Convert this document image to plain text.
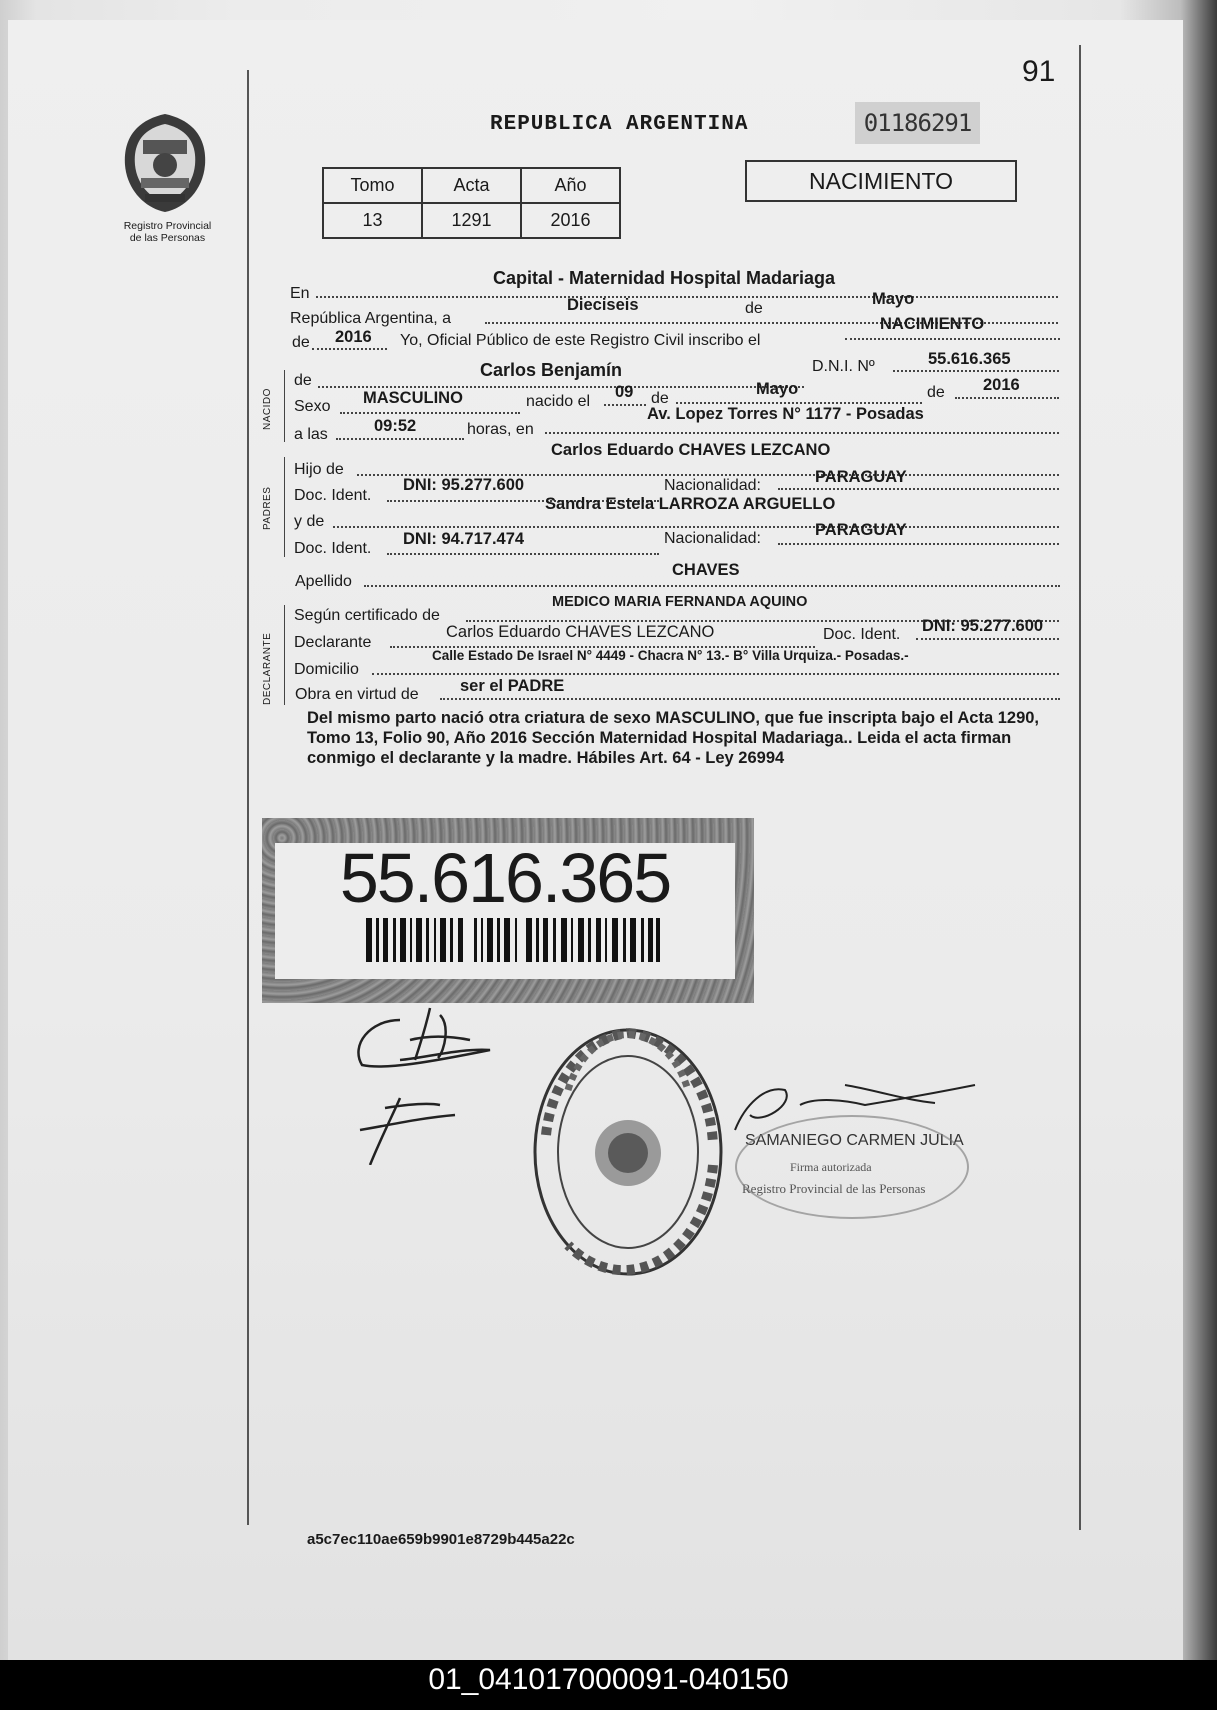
91
Registro Provincial
de las Personas
REPUBLICA ARGENTINA	01186291
Tomo	Acta	Año
13	1291	2016
NACIMIENTO
En
Capital - Maternidad Hospital Madariaga
República Argentina, a
Dieciseis	de
Mayo
de 2016 Yo, Oficial Público de este Registro Civil inscribo el
NACIMIENTO
NACIDO
de
Carlos Benjamín	D.N.I. Nº	55.616.365
Sexo MASCULINO	nacido el
09 de
Mayo	de 2016
a las	09:52	horas, en
Av. Lopez Torres N° 1177 - Posadas
PADRES
Hijo de
Carlos Eduardo CHAVES LEZCANO
Doc. Ident.
DNI: 95.277.600	Nacionalidad:	PARAGUAY
y de
Sandra Estela LARROZA ARGUELLO
Doc. Ident.
DNI: 94.717.474	Nacionalidad:	PARAGUAY
Apellido
CHAVES
DECLARANTE
Según certificado de
MEDICO MARIA FERNANDA AQUINO
Declarante
Carlos Eduardo CHAVES LEZCANO	Doc. Ident. DNI: 95.277.600
Domicilio
Calle Estado De Israel N° 4449 - Chacra N° 13.- B° Villa Urquiza.- Posadas.-
Obra en virtud de	ser el PADRE
Del mismo parto nació otra criatura de sexo MASCULINO, que fue inscripta bajo el Acta 1290, Tomo 13, Folio 90, Año 2016 Sección Maternidad Hospital Madariaga.. Leida el acta firman conmigo el declarante y la madre. Hábiles Art. 64 - Ley 26994
55.616.365
SAMANIEGO CARMEN JULIA
Firma autorizada
Registro Provincial de las Personas
a5c7ec110ae659b9901e8729b445a22c
01_041017000091-040150
